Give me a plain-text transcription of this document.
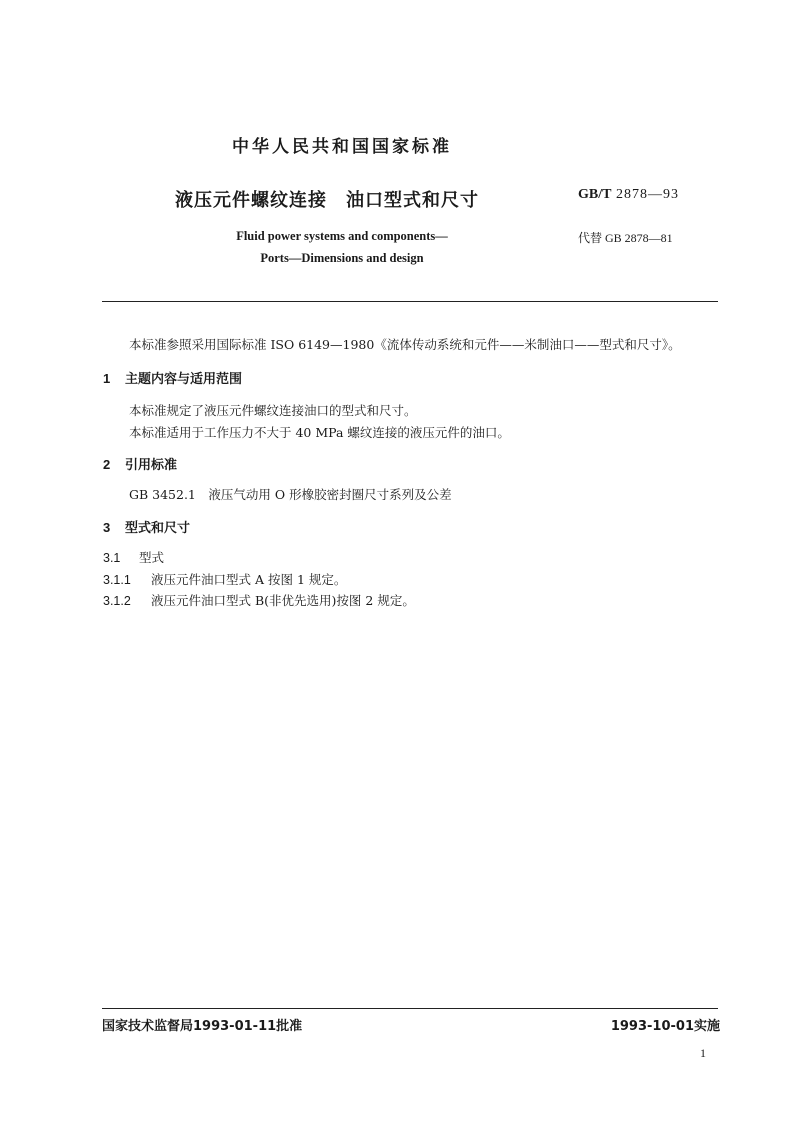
中华人民共和国国家标准
液压元件螺纹连接　油口型式和尺寸	GB/T 2878—93
Fluid power systems and components—
Ports—Dimensions and design
代替 GB 2878—81
本标准参照采用国际标准 ISO 6149—1980《流体传动系统和元件——米制油口——型式和尺寸》。
1 主题内容与适用范围
本标准规定了液压元件螺纹连接油口的型式和尺寸。
本标准适用于工作压力不大于 40 MPa 螺纹连接的液压元件的油口。
2 引用标准
GB 3452.1　液压气动用 O 形橡胶密封圈尺寸系列及公差
3 型式和尺寸
3.1 型式
3.1.1 液压元件油口型式 A 按图 1 规定。
3.1.2 液压元件油口型式 B(非优先选用)按图 2 规定。
国家技术监督局1993-01-11批准	1993-10-01实施
1
